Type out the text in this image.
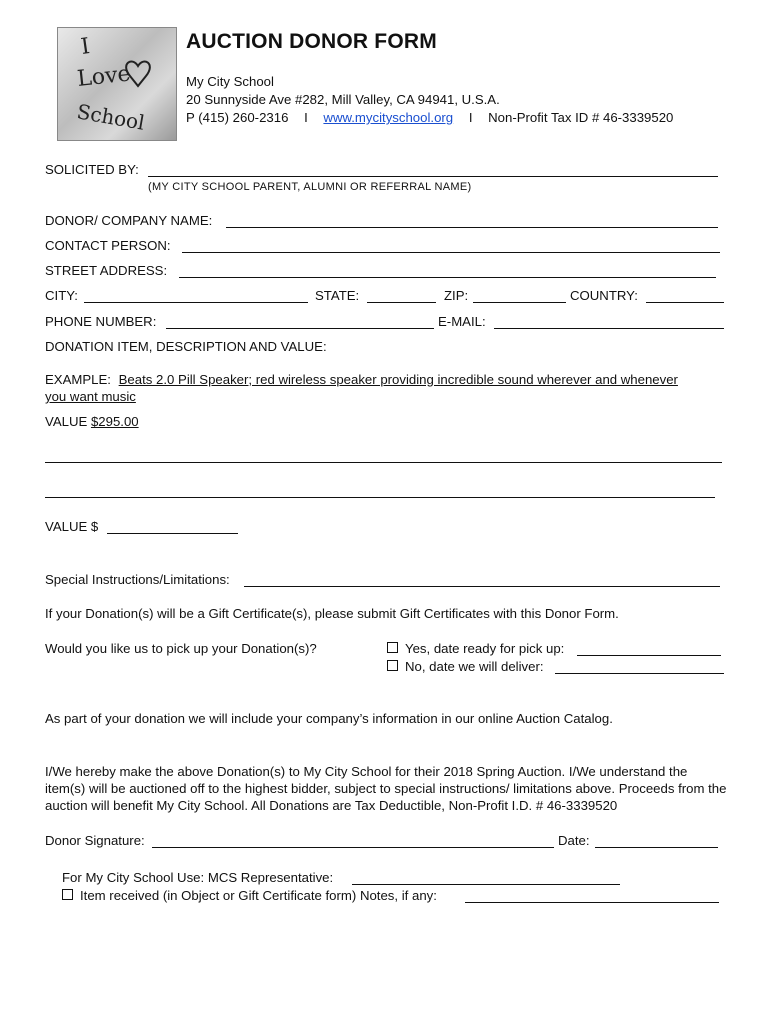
I
Love
School
AUCTION DONOR FORM
My City School
20 Sunnyside Ave #282, Mill Valley, CA 94941, U.S.A.
P (415) 260-2316 I www.mycityschool.org I Non-Profit Tax ID # 46-3339520
SOLICITED BY:
(MY CITY SCHOOL PARENT, ALUMNI OR REFERRAL NAME)
DONOR/ COMPANY NAME:
CONTACT PERSON:
STREET ADDRESS:
CITY:	STATE:	ZIP:	COUNTRY:
PHONE NUMBER:	E-MAIL:
DONATION ITEM, DESCRIPTION AND VALUE:
EXAMPLE: Beats 2.0 Pill Speaker; red wireless speaker providing incredible sound wherever and whenever
you want music
VALUE $295.00
VALUE $
Special Instructions/Limitations:
If your Donation(s) will be a Gift Certificate(s), please submit Gift Certificates with this Donor Form.
Would you like us to pick up your Donation(s)?	Yes, date ready for pick up:
No, date we will deliver:
As part of your donation we will include your company’s information in our online Auction Catalog.
I/We hereby make the above Donation(s) to My City School for their 2018 Spring Auction. I/We understand the item(s) will be auctioned off to the highest bidder, subject to special instructions/ limitations above. Proceeds from the auction will benefit My City School. All Donations are Tax Deductible, Non-Profit I.D. # 46-3339520
Donor Signature:	Date:
For My City School Use: MCS Representative:
Item received (in Object or Gift Certificate form) Notes, if any:
